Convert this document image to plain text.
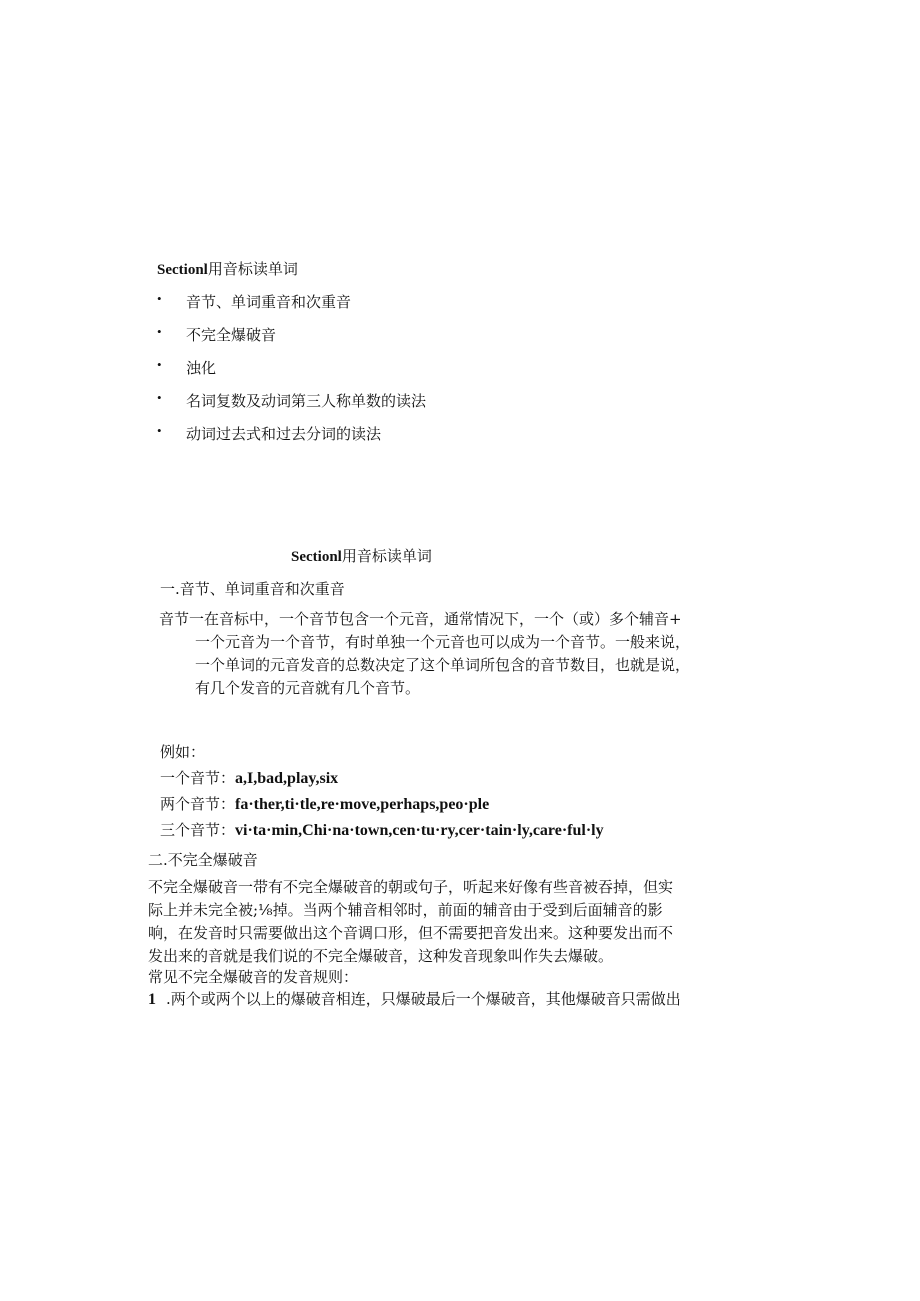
Sectionl用音标读单词
• 音节、单词重音和次重音
• 不完全爆破音
• 浊化
• 名词复数及动词第三人称单数的读法
• 动词过去式和过去分词的读法
Sectionl用音标读单词
一.音节、单词重音和次重音
音节一在音标中，一个音节包含一个元音，通常情况下，一个（或）多个辅音+
一个元音为一个音节，有时单独一个元音也可以成为一个音节。一般来说，
一个单词的元音发音的总数决定了这个单词所包含的音节数目，也就是说，
有几个发音的元音就有几个音节。
例如：
一个音节：a,I,bad,play,six
两个音节：fa·ther,ti·tle,re·move,perhaps,peo·ple
三个音节：vi·ta·min,Chi·na·town,cen·tu·ry,cer·tain·ly,care·ful·ly
二.不完全爆破音
不完全爆破音一带有不完全爆破音的朝或句子，听起来好像有些音被吞掉，但实
际上并未完全被;⅛掉。当两个辅音相邻时，前面的辅音由于受到后面辅音的影
响，在发音时只需要做出这个音调口形，但不需要把音发出来。这种要发出而不
发出来的音就是我们说的不完全爆破音，这种发音现象叫作失去爆破。
常见不完全爆破音的发音规则：
1 .两个或两个以上的爆破音相连，只爆破最后一个爆破音，其他爆破音只需做出
